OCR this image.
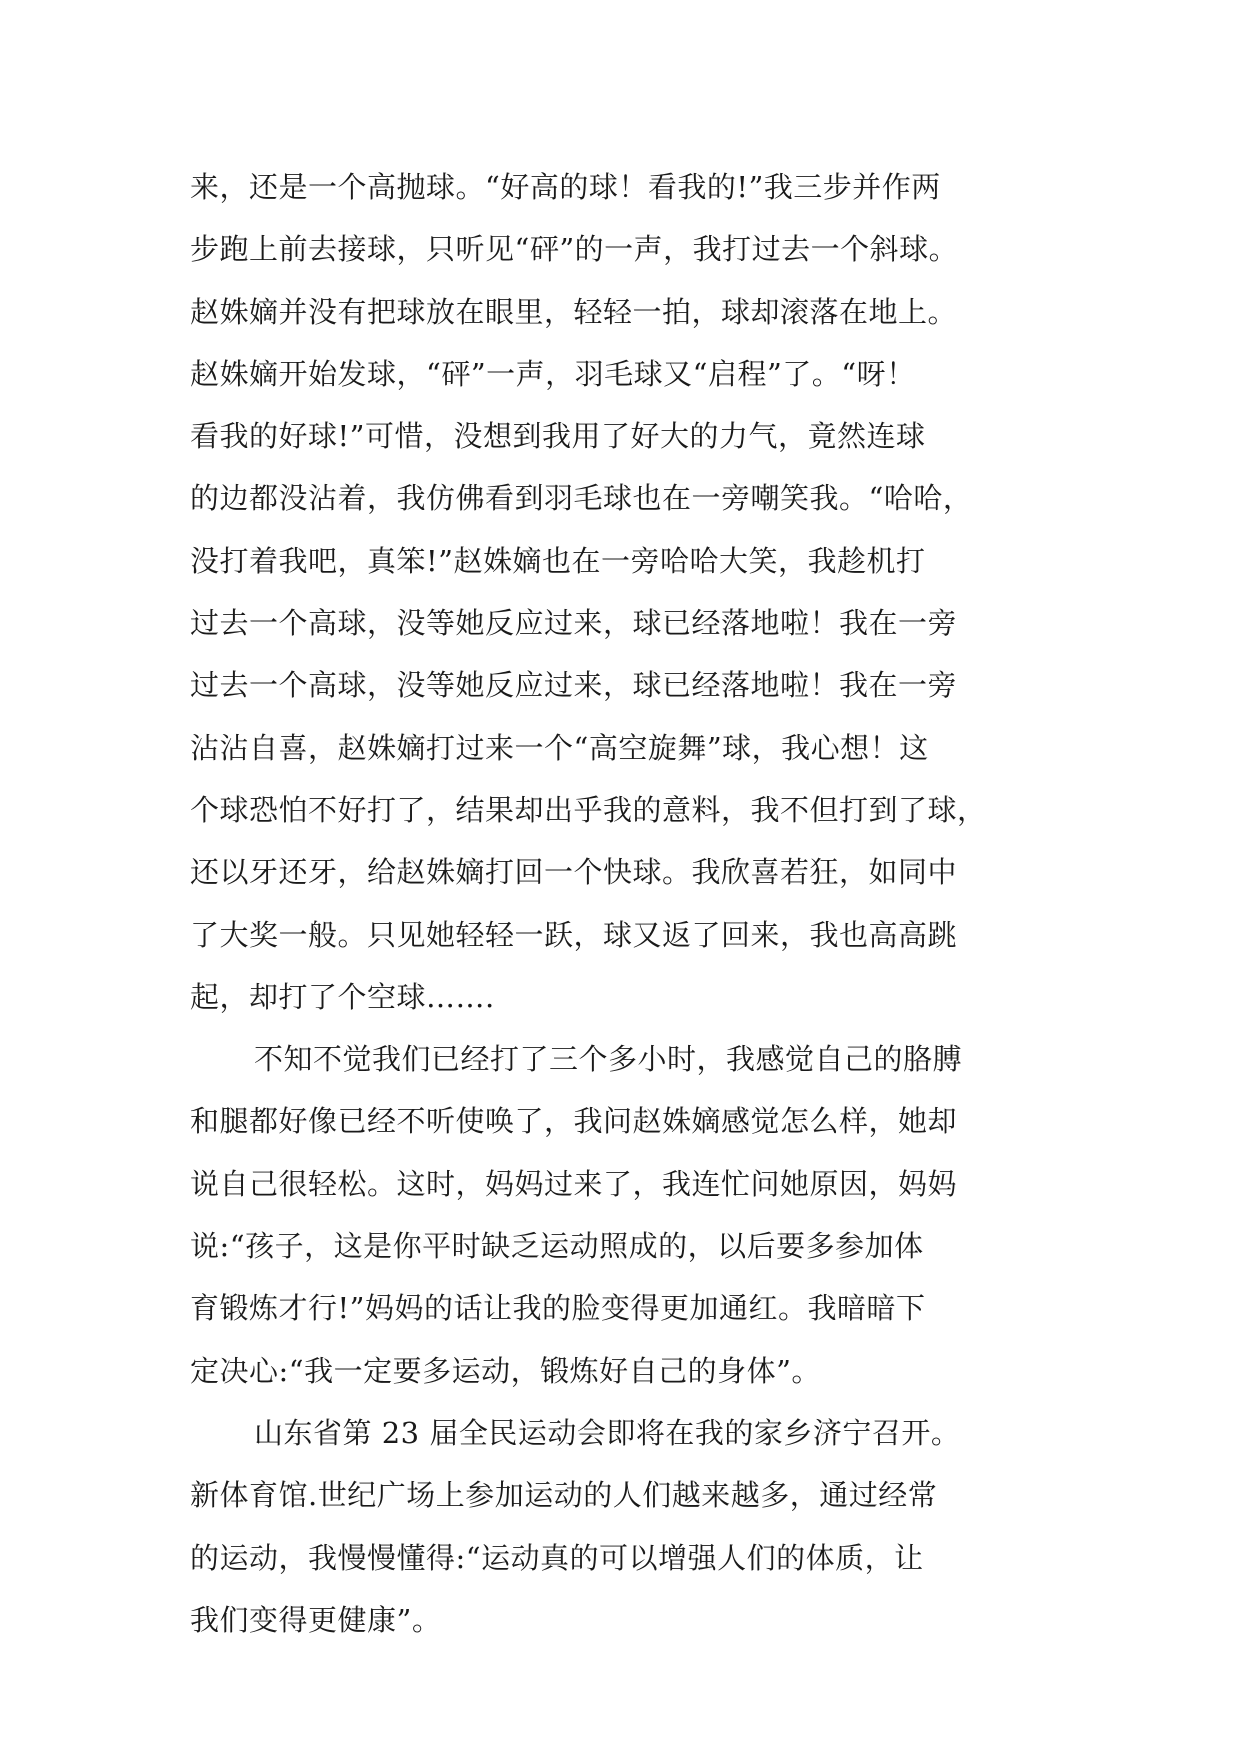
来，还是一个高抛球。“好高的球！看我的!”我三步并作两
步跑上前去接球，只听见“砰”的一声，我打过去一个斜球。
赵姝嫡并没有把球放在眼里，轻轻一拍，球却滚落在地上。
赵姝嫡开始发球，“砰”一声，羽毛球又“启程”了。“呀！
看我的好球!”可惜，没想到我用了好大的力气，竟然连球
的边都没沾着，我仿佛看到羽毛球也在一旁嘲笑我。“哈哈，
没打着我吧，真笨!”赵姝嫡也在一旁哈哈大笑，我趁机打
过去一个高球，没等她反应过来，球已经落地啦！我在一旁
过去一个高球，没等她反应过来，球已经落地啦！我在一旁
沾沾自喜，赵姝嫡打过来一个“高空旋舞”球，我心想！这
个球恐怕不好打了，结果却出乎我的意料，我不但打到了球，
还以牙还牙，给赵姝嫡打回一个快球。我欣喜若狂，如同中
了大奖一般。只见她轻轻一跃，球又返了回来，我也高高跳
起，却打了个空球…….
不知不觉我们已经打了三个多小时，我感觉自己的胳膊
和腿都好像已经不听使唤了，我问赵姝嫡感觉怎么样，她却
说自己很轻松。这时，妈妈过来了，我连忙问她原因，妈妈
说:“孩子，这是你平时缺乏运动照成的，以后要多参加体
育锻炼才行!”妈妈的话让我的脸变得更加通红。我暗暗下
定决心:“我一定要多运动，锻炼好自己的身体”。
山东省第 23 届全民运动会即将在我的家乡济宁召开。
新体育馆.世纪广场上参加运动的人们越来越多，通过经常
的运动，我慢慢懂得:“运动真的可以增强人们的体质，让
我们变得更健康”。
